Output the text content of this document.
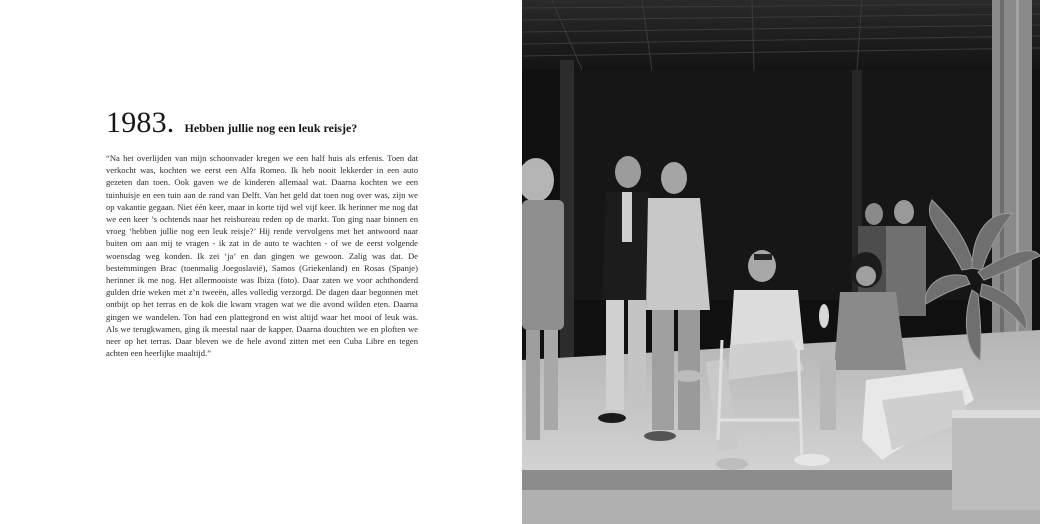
1983. Hebben jullie nog een leuk reisje?

“Na het overlijden van mijn schoonvader kregen we een half huis als erfenis. Toen dat verkocht was, kochten we eerst een Alfa Romeo. Ik heb nooit lekkerder in een auto gezeten dan toen. Ook gaven we de kinderen allemaal wat. Daarna kochten we een tuinhuisje en een tuin aan de rand van Delft. Van het geld dat toen nog over was, zijn we op vakantie gegaan. Niet één keer, maar in korte tijd wel vijf keer. Ik herinner me nog dat we een keer ’s ochtends naar het reisbureau reden op de markt. Ton ging naar binnen en vroeg ‘hebben jullie nog een leuk reisje?’ Hij rende vervolgens met het antwoord naar buiten om aan mij te vragen - ik zat in de auto te wachten - of we de eerst volgende woensdag weg konden. Ik zei ‘ja’ en dan gingen we gewoon. Zalig was dat. De bestemmingen Brac (toenmalig Joegoslavië), Samos (Griekenland) en Rosas (Spanje) herinner ik me nog. Het allermooiste was Ibiza (foto). Daar zaten we voor achthonderd gulden drie weken met z’n tweeën, alles volledig verzorgd. De dagen daar begonnen met ontbijt op het terras en de kok die kwam vragen wat we die avond wilden eten. Daarna gingen we wandelen. Ton had een plattegrond en wist altijd waar het mooi of leuk was. Als we terugkwamen, ging ik meestal naar de kapper. Daarna douchten we en ploften we neer op het terras. Daar bleven we de hele avond zitten met een Cuba Libre en tegen achten een heerlijke maaltijd.”
